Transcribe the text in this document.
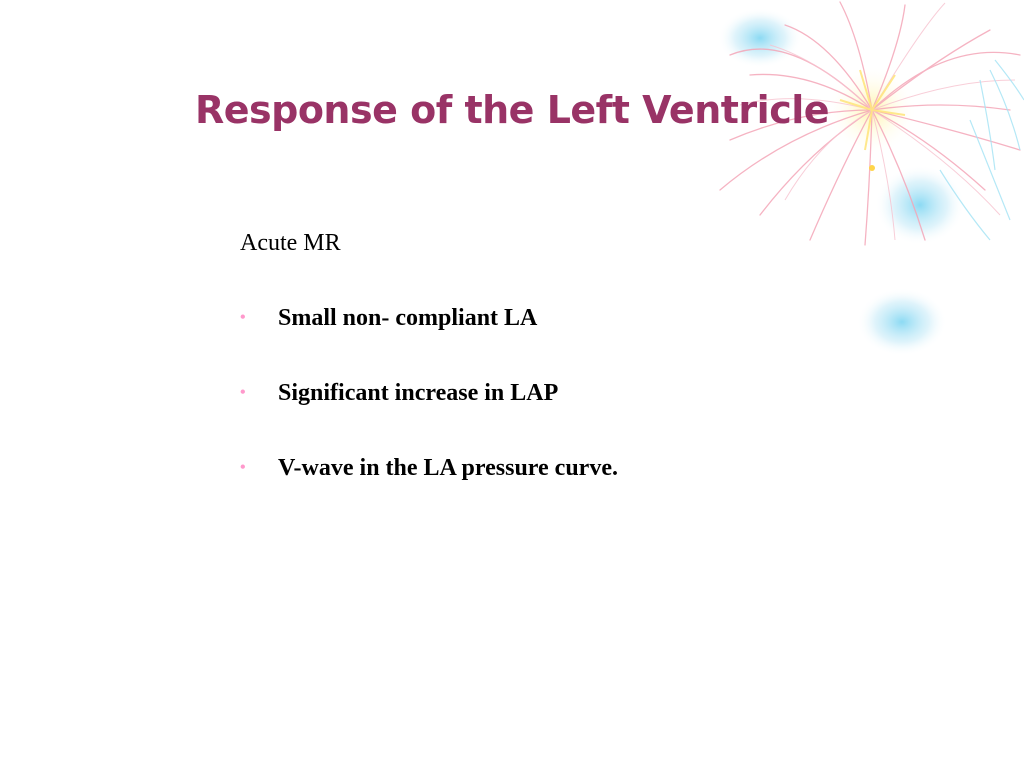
Response of the Left Ventricle

Acute MR

•	Small non- compliant LA
•	Significant increase in LAP
•	V-wave in the LA pressure curve.
